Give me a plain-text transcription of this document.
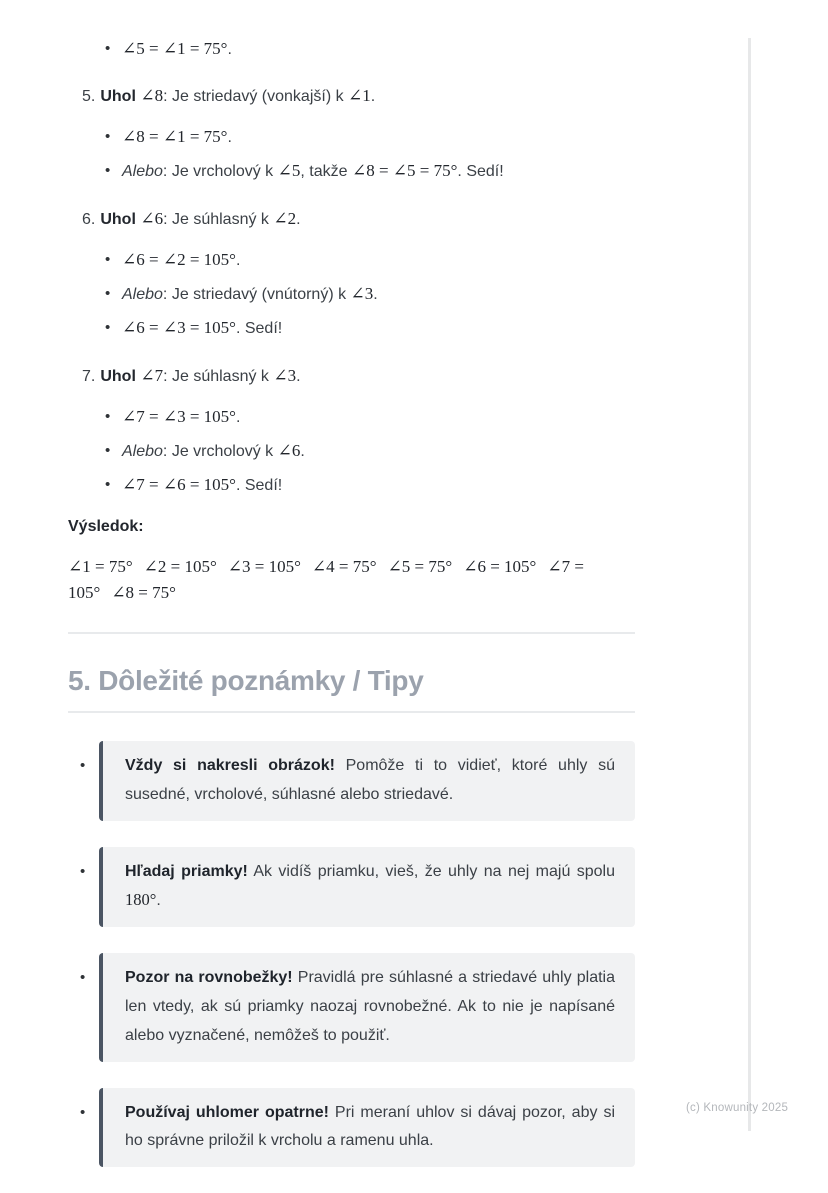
• ∠5 = ∠1 = 75°.
5. Uhol ∠8: Je striedavý (vonkajší) k ∠1.
• ∠8 = ∠1 = 75°.
• Alebo: Je vrcholový k ∠5, takže ∠8 = ∠5 = 75°. Sedí!
6. Uhol ∠6: Je súhlasný k ∠2.
• ∠6 = ∠2 = 105°.
• Alebo: Je striedavý (vnútorný) k ∠3.
• ∠6 = ∠3 = 105°. Sedí!
7. Uhol ∠7: Je súhlasný k ∠3.
• ∠7 = ∠3 = 105°.
• Alebo: Je vrcholový k ∠6.
• ∠7 = ∠6 = 105°. Sedí!

Výsledok:

∠1 = 75° ∠2 = 105° ∠3 = 105° ∠4 = 75° ∠5 = 75° ∠6 = 105° ∠7 = 105° ∠8 = 75°
5. Dôležité poznámky / Tipy
•	Vždy si nakresli obrázok! Pomôže ti to vidieť, ktoré uhly sú susedné, vrcholové, súhlasné alebo striedavé.
•	Hľadaj priamky! Ak vidíš priamku, vieš, že uhly na nej majú spolu 180°.
•	Pozor na rovnobežky! Pravidlá pre súhlasné a striedavé uhly platia len vtedy, ak sú priamky naozaj rovnobežné. Ak to nie je napísané alebo vyznačené, nemôžeš to použiť.
•	Používaj uhlomer opatrne! Pri meraní uhlov si dávaj pozor, aby si ho správne priložil k vrcholu a ramenu uhla.
(c) Knowunity 2025
